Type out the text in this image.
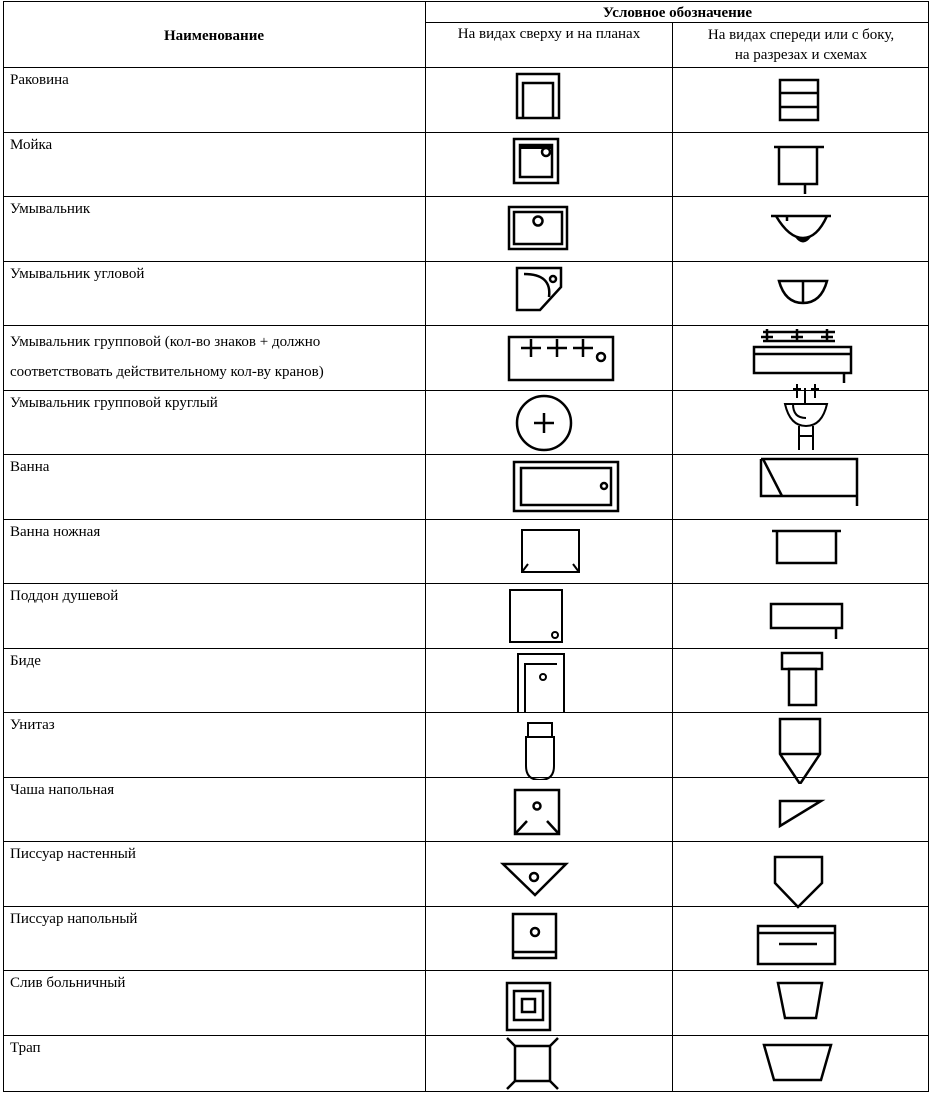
Наименование
Условное обозначение
На видах сверху и на планах	На видах спереди или с боку,
на разрезах и схемах
Раковина
Мойка
Умывальник
Умывальник угловой
Умывальник групповой (кол-во знаков + должно соответствовать действительному кол-ву кранов)
Умывальник групповой круглый
Ванна
Ванна ножная
Поддон душевой
Биде
Унитаз
Чаша напольная
Писсуар настенный
Писсуар напольный
Слив больничный
Трап
